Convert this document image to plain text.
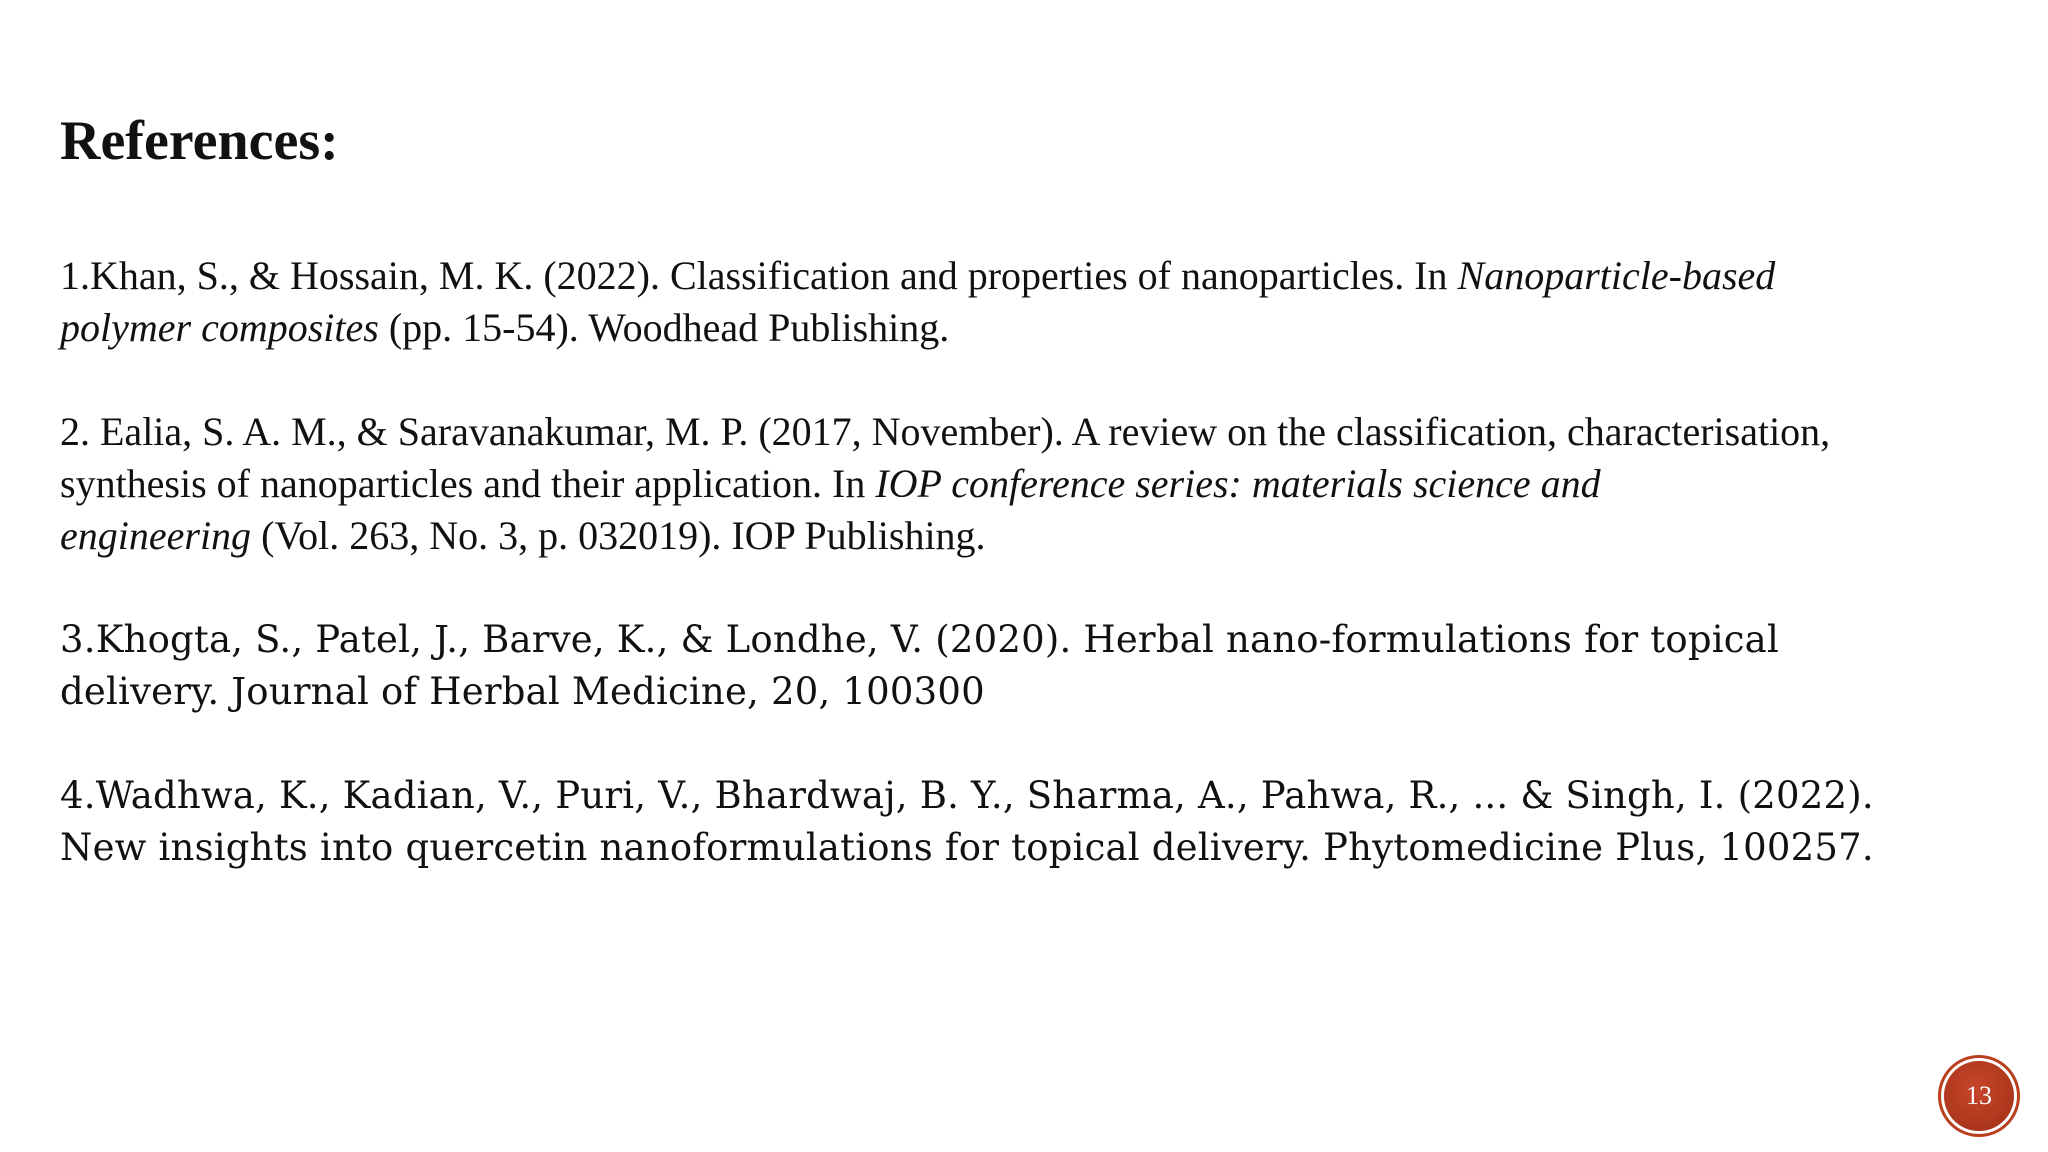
References:

1.Khan, S., & Hossain, M. K. (2022). Classification and properties of nanoparticles. In Nanoparticle-based
polymer composites (pp. 15-54). Woodhead Publishing.

2. Ealia, S. A. M., & Saravanakumar, M. P. (2017, November). A review on the classification, characterisation,
synthesis of nanoparticles and their application. In IOP conference series: materials science and
engineering (Vol. 263, No. 3, p. 032019). IOP Publishing.

3.Khogta, S., Patel, J., Barve, K., & Londhe, V. (2020). Herbal nano-formulations for topical
delivery. Journal of Herbal Medicine, 20, 100300

4.Wadhwa, K., Kadian, V., Puri, V., Bhardwaj, B. Y., Sharma, A., Pahwa, R., ... & Singh, I. (2022).
New insights into quercetin nanoformulations for topical delivery. Phytomedicine Plus, 100257.

13
